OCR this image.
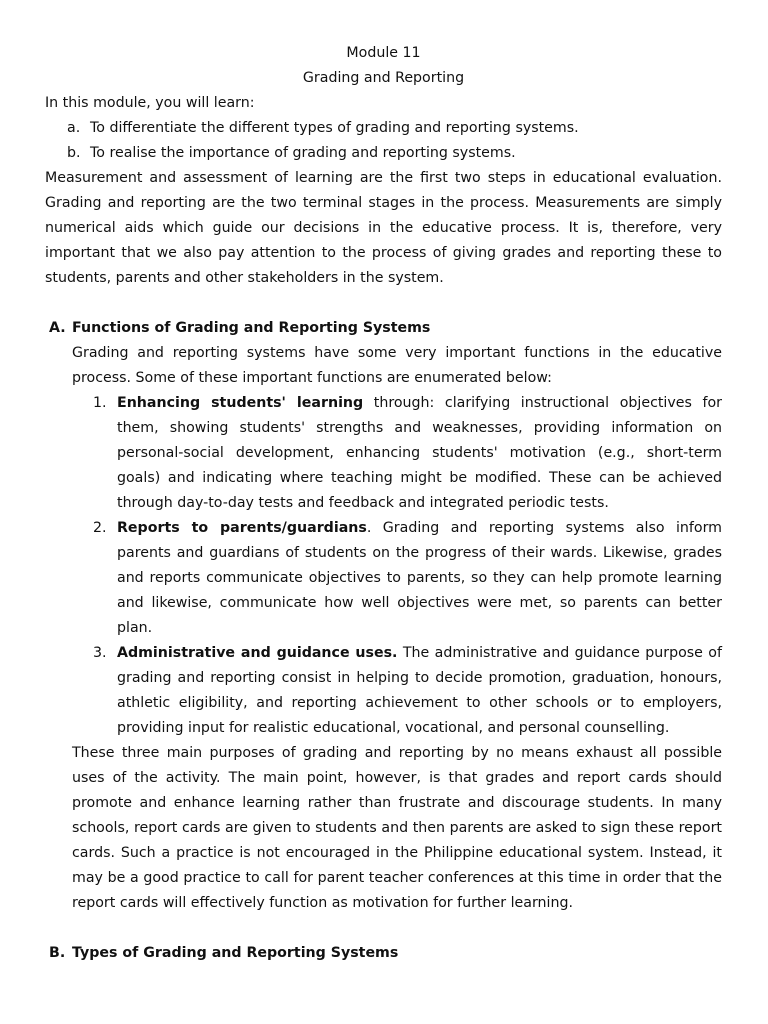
Module 11

Grading and Reporting

In this module, you will learn:

a. To differentiate the different types of grading and reporting systems.

b. To realise the importance of grading and reporting systems.

Measurement and assessment of learning are the first two steps in educational evaluation. Grading and reporting are the two terminal stages in the process. Measurements are simply numerical aids which guide our decisions in the educative process. It is, therefore, very important that we also pay attention to the process of giving grades and reporting these to students, parents and other stakeholders in the system.

A. Functions of Grading and Reporting Systems

Grading and reporting systems have some very important functions in the educative process. Some of these important functions are enumerated below:

1. Enhancing students' learning through: clarifying instructional objectives for them, showing students' strengths and weaknesses, providing information on personal-social development, enhancing students' motivation (e.g., short-term goals) and indicating where teaching might be modified. These can be achieved through day-to-day tests and feedback and integrated periodic tests.

2. Reports to parents/guardians. Grading and reporting systems also inform parents and guardians of students on the progress of their wards. Likewise, grades and reports communicate objectives to parents, so they can help promote learning and likewise, communicate how well objectives were met, so parents can better plan.

3. Administrative and guidance uses. The administrative and guidance purpose of grading and reporting consist in helping to decide promotion, graduation, honours, athletic eligibility, and reporting achievement to other schools or to employers, providing input for realistic educational, vocational, and personal counselling.

These three main purposes of grading and reporting by no means exhaust all possible uses of the activity. The main point, however, is that grades and report cards should promote and enhance learning rather than frustrate and discourage students. In many schools, report cards are given to students and then parents are asked to sign these report cards. Such a practice is not encouraged in the Philippine educational system. Instead, it may be a good practice to call for parent teacher conferences at this time in order that the report cards will effectively function as motivation for further learning.

B. Types of Grading and Reporting Systems
